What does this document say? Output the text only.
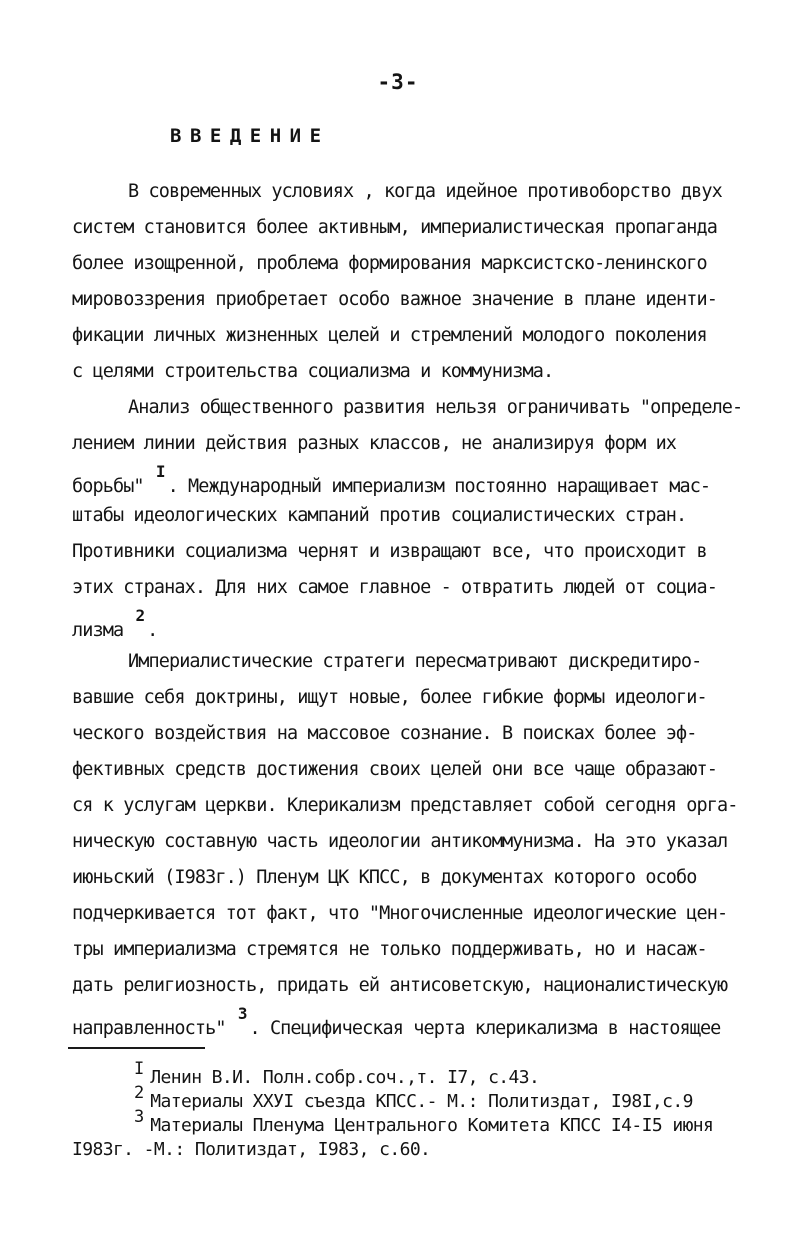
-3-
ВВЕДЕНИЕ

В современных условиях , когда идейное противоборство двух

систем становится более активным, империалистическая пропаганда

более изощренной, проблема формирования марксистско-ленинского

мировоззрения приобретает особо важное значение в плане иденти-

фикации личных жизненных целей и стремлений молодого поколения

с целями строительства социализма и коммунизма.

Анализ общественного развития нельзя ограничивать "определе-

лением линии действия разных классов, не анализируя форм их

борьбы" $^I$. Международный империализм постоянно наращивает мас-

штабы идеологических кампаний против социалистических стран.

Противники социализма чернят и извращают все, что происходит в

этих странах. Для них самое главное - отвратить людей от социа-

лизма $^2$.

Империалистические стратеги пересматривают дискредитиро-

вавшие себя доктрины, ищут новые, более гибкие формы идеологи-

ческого воздействия на массовое сознание. В поисках более эф-

фективных средств достижения своих целей они все чаще образают-

ся к услугам церкви. Клерикализм представляет собой сегодня орга-

ническую составную часть идеологии антикоммунизма. На это указал

июньский (I983г.) Пленум ЦК КПСС, в документах которого особо

подчеркивается тот факт, что "Многочисленные идеологические цен-

тры империализма стремятся не только поддерживать, но и насаж-

дать религиозность, придать ей антисоветскую, националистическую

направленность" $^3$. Специфическая черта клерикализма в настоящее

I Ленин В.И. Полн.собр.соч.,т. I7, с.43.

2 Материалы XXУI съезда КПСС.- М.: Политиздат, I98I,с.9

3 Материалы Пленума Центрального Комитета КПСС I4-I5 июня

I983г. -М.: Политиздат, I983, с.60.
